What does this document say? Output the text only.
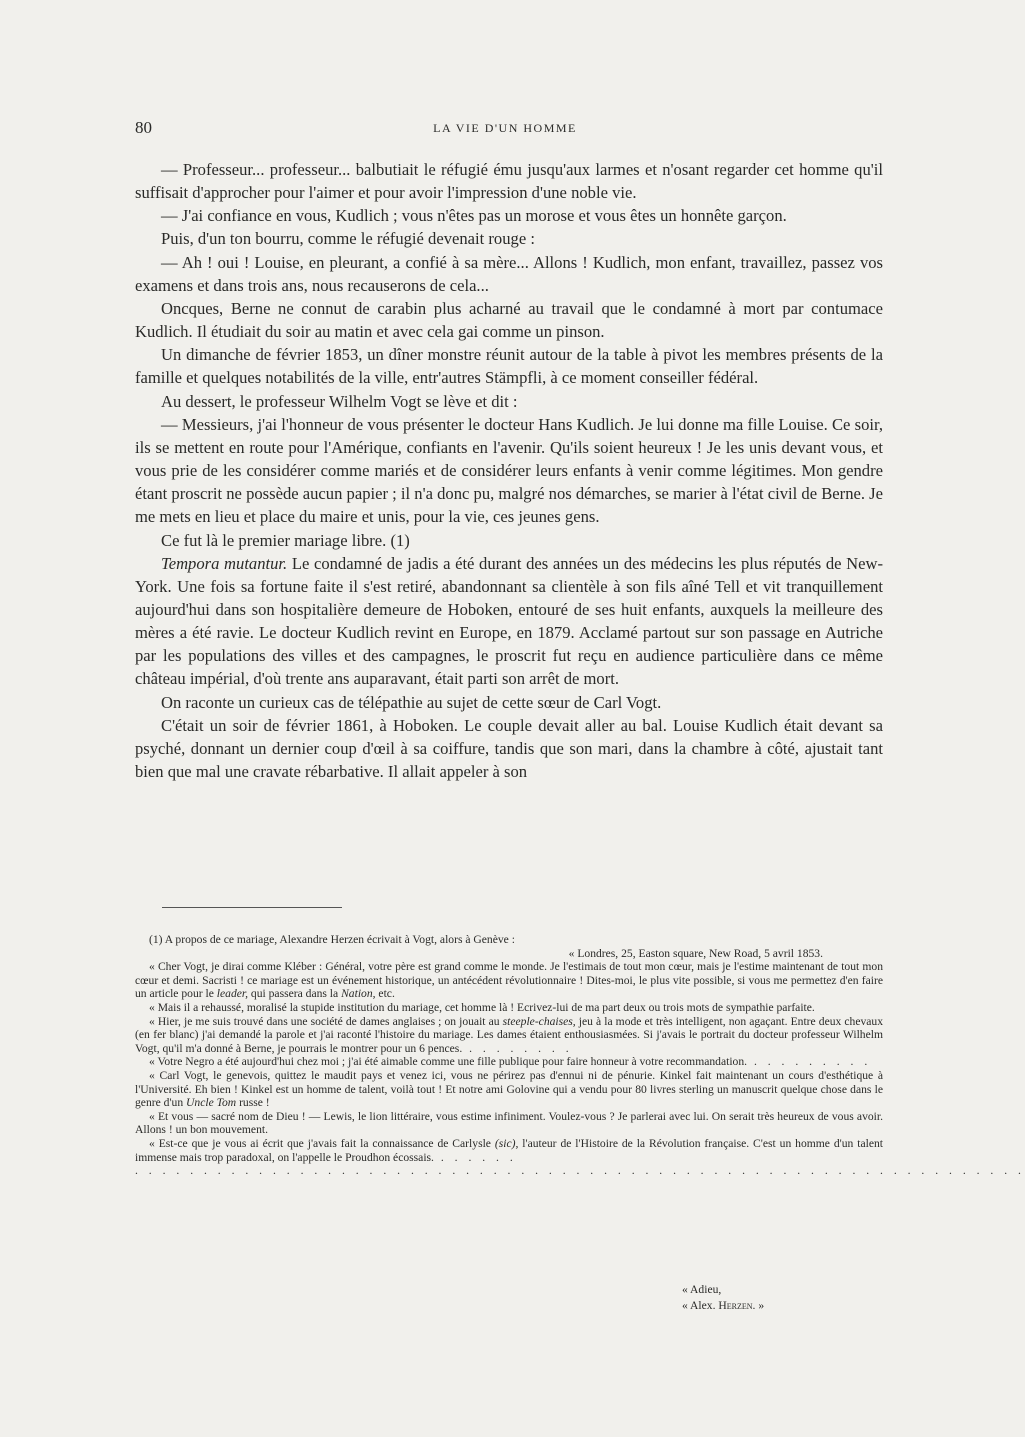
80	LA VIE D'UN HOMME

— Professeur... professeur... balbutiait le réfugié ému jusqu'aux larmes et n'osant regarder cet homme qu'il suffisait d'approcher pour l'aimer et pour avoir l'impression d'une noble vie.

— J'ai confiance en vous, Kudlich ; vous n'êtes pas un morose et vous êtes un honnête garçon.

Puis, d'un ton bourru, comme le réfugié devenait rouge :

— Ah ! oui ! Louise, en pleurant, a confié à sa mère... Allons ! Kudlich, mon enfant, travaillez, passez vos examens et dans trois ans, nous recauserons de cela...

Oncques, Berne ne connut de carabin plus acharné au travail que le condamné à mort par contumace Kudlich. Il étudiait du soir au matin et avec cela gai comme un pinson.

Un dimanche de février 1853, un dîner monstre réunit autour de la table à pivot les membres présents de la famille et quelques notabilités de la ville, entr'autres Stämpfli, à ce moment conseiller fédéral.

Au dessert, le professeur Wilhelm Vogt se lève et dit :

— Messieurs, j'ai l'honneur de vous présenter le docteur Hans Kudlich. Je lui donne ma fille Louise. Ce soir, ils se mettent en route pour l'Amérique, confiants en l'avenir. Qu'ils soient heureux ! Je les unis devant vous, et vous prie de les considérer comme mariés et de considérer leurs enfants à venir comme légitimes. Mon gendre étant proscrit ne possède aucun papier ; il n'a donc pu, malgré nos démarches, se marier à l'état civil de Berne. Je me mets en lieu et place du maire et unis, pour la vie, ces jeunes gens.

Ce fut là le premier mariage libre. (1)

Tempora mutantur. Le condamné de jadis a été durant des années un des médecins les plus réputés de New-York. Une fois sa fortune faite il s'est retiré, abandonnant sa clientèle à son fils aîné Tell et vit tranquillement aujourd'hui dans son hospitalière demeure de Hoboken, entouré de ses huit enfants, auxquels la meilleure des mères a été ravie. Le docteur Kudlich revint en Europe, en 1879. Acclamé partout sur son passage en Autriche par les populations des villes et des campagnes, le proscrit fut reçu en audience particulière dans ce même château impérial, d'où trente ans auparavant, était parti son arrêt de mort.

On raconte un curieux cas de télépathie au sujet de cette sœur de Carl Vogt.

C'était un soir de février 1861, à Hoboken. Le couple devait aller au bal. Louise Kudlich était devant sa psyché, donnant un dernier coup d'œil à sa coiffure, tandis que son mari, dans la chambre à côté, ajustait tant bien que mal une cravate rébarbative. Il allait appeler à son

(1) A propos de ce mariage, Alexandre Herzen écrivait à Vogt, alors à Genève :

« Londres, 25, Easton square, New Road, 5 avril 1853.

« Cher Vogt, je dirai comme Kléber : Général, votre père est grand comme le monde. Je l'estimais de tout mon cœur, mais je l'estime maintenant de tout mon cœur et demi. Sacristi ! ce mariage est un événement historique, un antécédent révolutionnaire ! Dites-moi, le plus vite possible, si vous me permettez d'en faire un article pour le leader, qui passera dans la Nation, etc.

« Mais il a rehaussé, moralisé la stupide institution du mariage, cet homme là ! Ecrivez-lui de ma part deux ou trois mots de sympathie parfaite.

« Hier, je me suis trouvé dans une société de dames anglaises ; on jouait au steeple-chaises, jeu à la mode et très intelligent, non agaçant. Entre deux chevaux (en fer blanc) j'ai demandé la parole et j'ai raconté l'histoire du mariage. Les dames étaient enthousiasmées. Si j'avais le portrait du docteur professeur Wilhelm Vogt, qu'il m'a donné à Berne, je pourrais le montrer pour un 6 pences. . . . . . . . .

« Votre Negro a été aujourd'hui chez moi ; j'ai été aimable comme une fille publique pour faire honneur à votre recommandation. . . . . . . . . .

« Carl Vogt, le genevois, quittez le maudit pays et venez ici, vous ne périrez pas d'ennui ni de pénurie. Kinkel fait maintenant un cours d'esthétique à l'Université. Eh bien ! Kinkel est un homme de talent, voilà tout ! Et notre ami Golovine qui a vendu pour 80 livres sterling un manuscrit quelque chose dans le genre d'un Uncle Tom russe !

« Et vous — sacré nom de Dieu ! — Lewis, le lion littéraire, vous estime infiniment. Voulez-vous ? Je parlerai avec lui. On serait très heureux de vous avoir. Allons ! un bon mouvement.

« Est-ce que je vous ai écrit que j'avais fait la connaissance de Carlysle (sic), l'auteur de l'Histoire de la Révolution française. C'est un homme d'un talent immense mais trop paradoxal, on l'appelle le Proudhon écossais. . . . . . .

. . . . . . . . . . . . . . . . . . . . . . . . . . . . . . . . . . . . . . . . . . . . . . . . . . . . . . . . . . . . . . . . .

« Adieu,
« Alex. Herzen. »
